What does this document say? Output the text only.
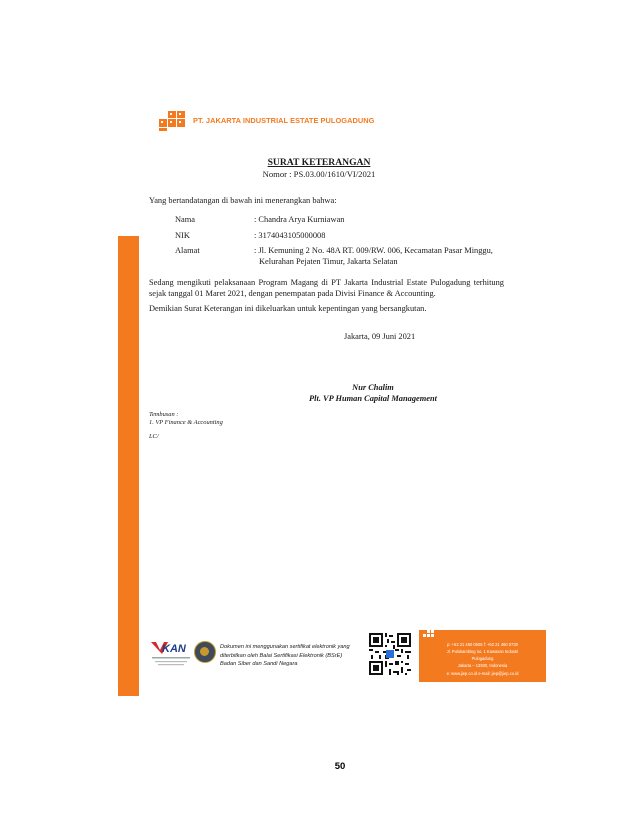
PT. JAKARTA INDUSTRIAL ESTATE PULOGADUNG
SURAT KETERANGAN
Nomor : PS.03.00/1610/VI/2021
Yang bertandatangan di bawah ini menerangkan bahwa:
Nama	: Chandra Arya Kurniawan
NIK	: 3174043105000008
Alamat	: Jl. Kemuning 2 No. 48A RT. 009/RW. 006, Kecamatan Pasar Minggu,
Kelurahan Pejaten Timur, Jakarta Selatan
Sedang mengikuti pelaksanaan Program Magang di PT Jakarta Industrial Estate Pulogadung terhitung sejak tanggal 01 Maret 2021, dengan penempatan pada Divisi Finance & Accounting.
Demikian Surat Keterangan ini dikeluarkan untuk kepentingan yang bersangkutan.
Jakarta, 09 Juni 2021
Nur Chalim
Plt. VP Human Capital Management
Tembusan :
1. VP Finance & Accounting
LC/
KAN	Dokumen ini menggunakan sertifikat elektronik yang
diterbitkan oleh Balai Sertifikasi Elektronik (BSrE)
Badan Siber dan Sandi Negara
p: +62 21 460 0505 f: +62 21 460 0730
Jl. Pulokambing no. 1 Kawasan Industri
Pulogadung
Jakarta – 13930, Indonesia
e: www.jiep.co.id e-mail: jiep@jiep.co.id
50
